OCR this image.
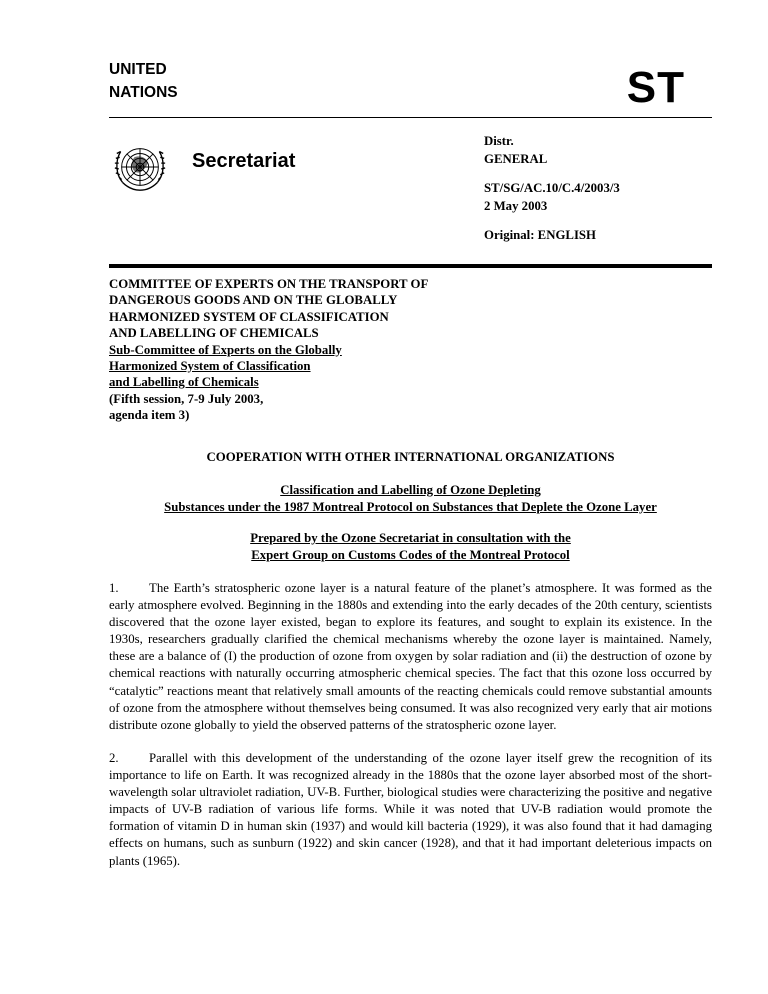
UNITED
NATIONS	ST
Secretariat

Distr.

GENERAL

ST/SG/AC.10/C.4/2003/3

2 May 2003

Original: ENGLISH

COMMITTEE OF EXPERTS ON THE TRANSPORT OF

DANGEROUS GOODS AND ON THE GLOBALLY

HARMONIZED SYSTEM OF CLASSIFICATION

AND LABELLING OF CHEMICALS

Sub-Committee of Experts on the Globally

Harmonized System of Classification

and Labelling of Chemicals

(Fifth session, 7-9 July 2003,

agenda item 3)

COOPERATION WITH OTHER INTERNATIONAL ORGANIZATIONS

Classification and Labelling of Ozone Depleting

Substances under the 1987 Montreal Protocol on Substances that Deplete the Ozone Layer

Prepared by the Ozone Secretariat in consultation with the

Expert Group on Customs Codes of the Montreal Protocol

1. The Earth’s stratospheric ozone layer is a natural feature of the planet’s atmosphere. It was formed as the early atmosphere evolved. Beginning in the 1880s and extending into the early decades of the 20th century, scientists discovered that the ozone layer existed, began to explore its features, and sought to explain its existence. In the 1930s, researchers gradually clarified the chemical mechanisms whereby the ozone layer is maintained. Namely, these are a balance of (I) the production of ozone from oxygen by solar radiation and (ii) the destruction of ozone by chemical reactions with naturally occurring atmospheric chemical species. The fact that this ozone loss occurred by “catalytic” reactions meant that relatively small amounts of the reacting chemicals could remove substantial amounts of ozone from the atmosphere without themselves being consumed. It was also recognized very early that air motions distribute ozone globally to yield the observed patterns of the stratospheric ozone layer.

2. Parallel with this development of the understanding of the ozone layer itself grew the recognition of its importance to life on Earth. It was recognized already in the 1880s that the ozone layer absorbed most of the short-wavelength solar ultraviolet radiation, UV-B. Further, biological studies were characterizing the positive and negative impacts of UV-B radiation of various life forms. While it was noted that UV-B radiation would promote the formation of vitamin D in human skin (1937) and would kill bacteria (1929), it was also found that it had damaging effects on humans, such as sunburn (1922) and skin cancer (1928), and that it had important deleterious impacts on plants (1965).
